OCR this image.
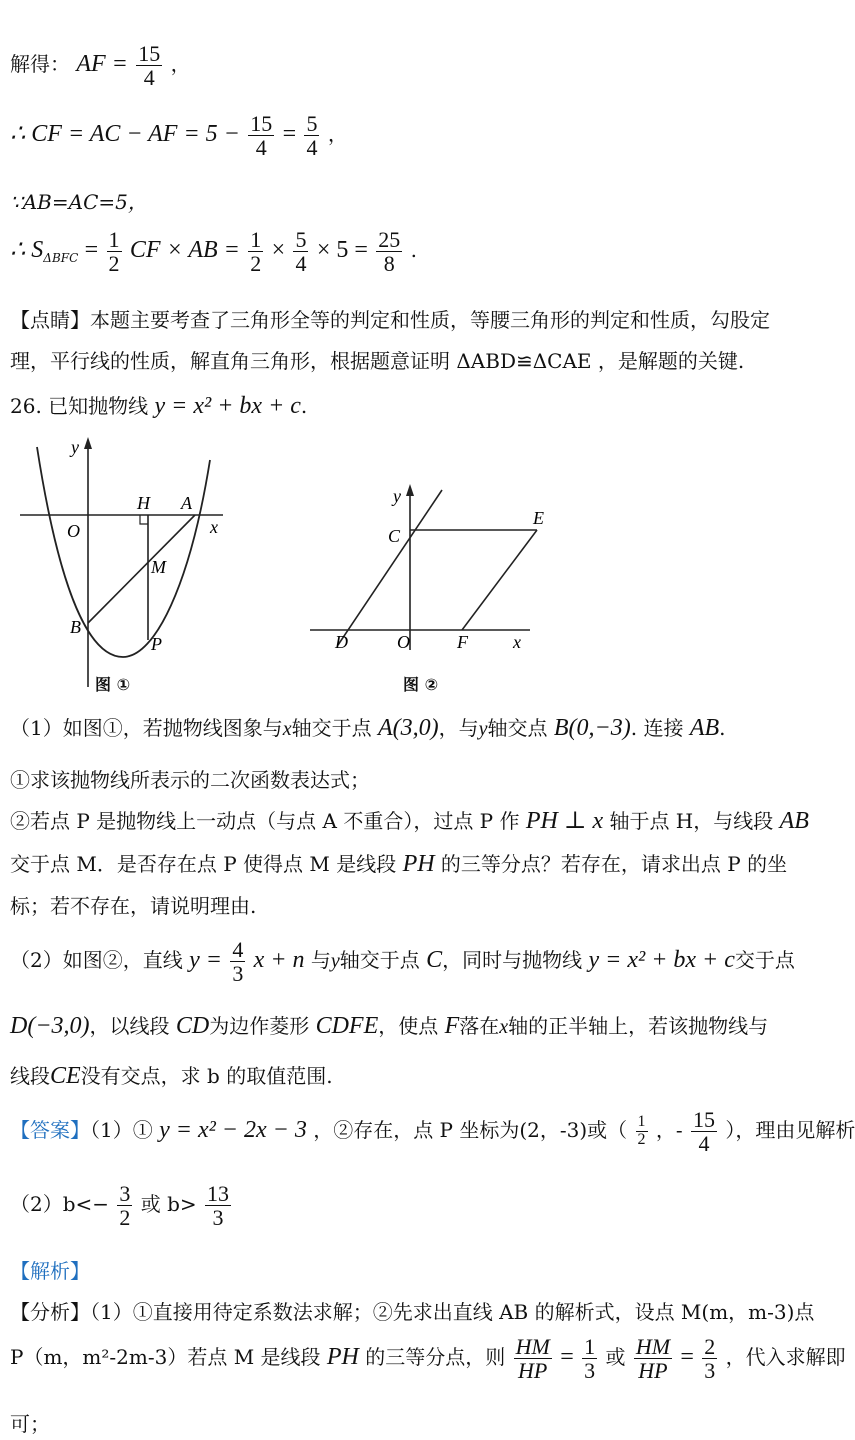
解得： AF = $\frac{15}{4}$ ，
∴ CF = AC − AF = $5 - \frac{15}{4} = \frac{5}{4}$ ，
∵AB=AC=5，
∴ $S_{\Delta BFC} = \frac{1}{2}$ CF × AB = $\frac{1}{2} \times \frac{5}{4} \times 5 = \frac{25}{8}$ .
【点睛】本题主要考查了三角形全等的判定和性质，等腰三角形的判定和性质，勾股定
理，平行线的性质，解直角三角形，根据题意证明 ΔABD≌ΔCAE ，是解题的关键.
26. 已知抛物线 y = x² + bx + c.
y
x
O
H A
M
B
P
图 ①
y
C
E
D	O	F	x
图 ②
（1）如图①，若抛物线图象与x轴交于点 A(3,0)，与y轴交点 B(0,−3). 连接 AB.
①求该抛物线所表示的二次函数表达式；
②若点 P 是抛物线上一动点（与点 A 不重合），过点 P 作 PH ⊥ x 轴于点 H，与线段 AB
交于点 M．是否存在点 P 使得点 M 是线段 PH 的三等分点？若存在，请求出点 P 的坐
标；若不存在，请说明理由.
（2）如图②，直线 $y = \frac{4}{3}$ x + n 与y轴交于点 C，同时与抛物线 y = x² + bx + c交于点
D(−3,0)，以线段 CD为边作菱形 CDFE，使点 F落在x轴的正半轴上，若该抛物线与
线段CE没有交点，求 b 的取值范围.
【答案】（1）① y = x² − 2x − 3 ，②存在，点 P 坐标为(2，-3)或（ $\frac{1}{2}$ ，- $\frac{15}{4}$ ），理由见解析
$(2)b<- \frac{3}{2}$ 或 $b> \frac{13}{3}$
【解析】
【分析】（1）①直接用待定系数法求解；②先求出直线 AB 的解析式，设点 M(m，m-3)点
P（m，m²-2m-3）若点 M 是线段 PH 的三等分点，则 $\frac{HM}{HP} = \frac{1}{3}$ 或 $\frac{HM}{HP} = \frac{2}{3}$ ，代入求解即
可；
